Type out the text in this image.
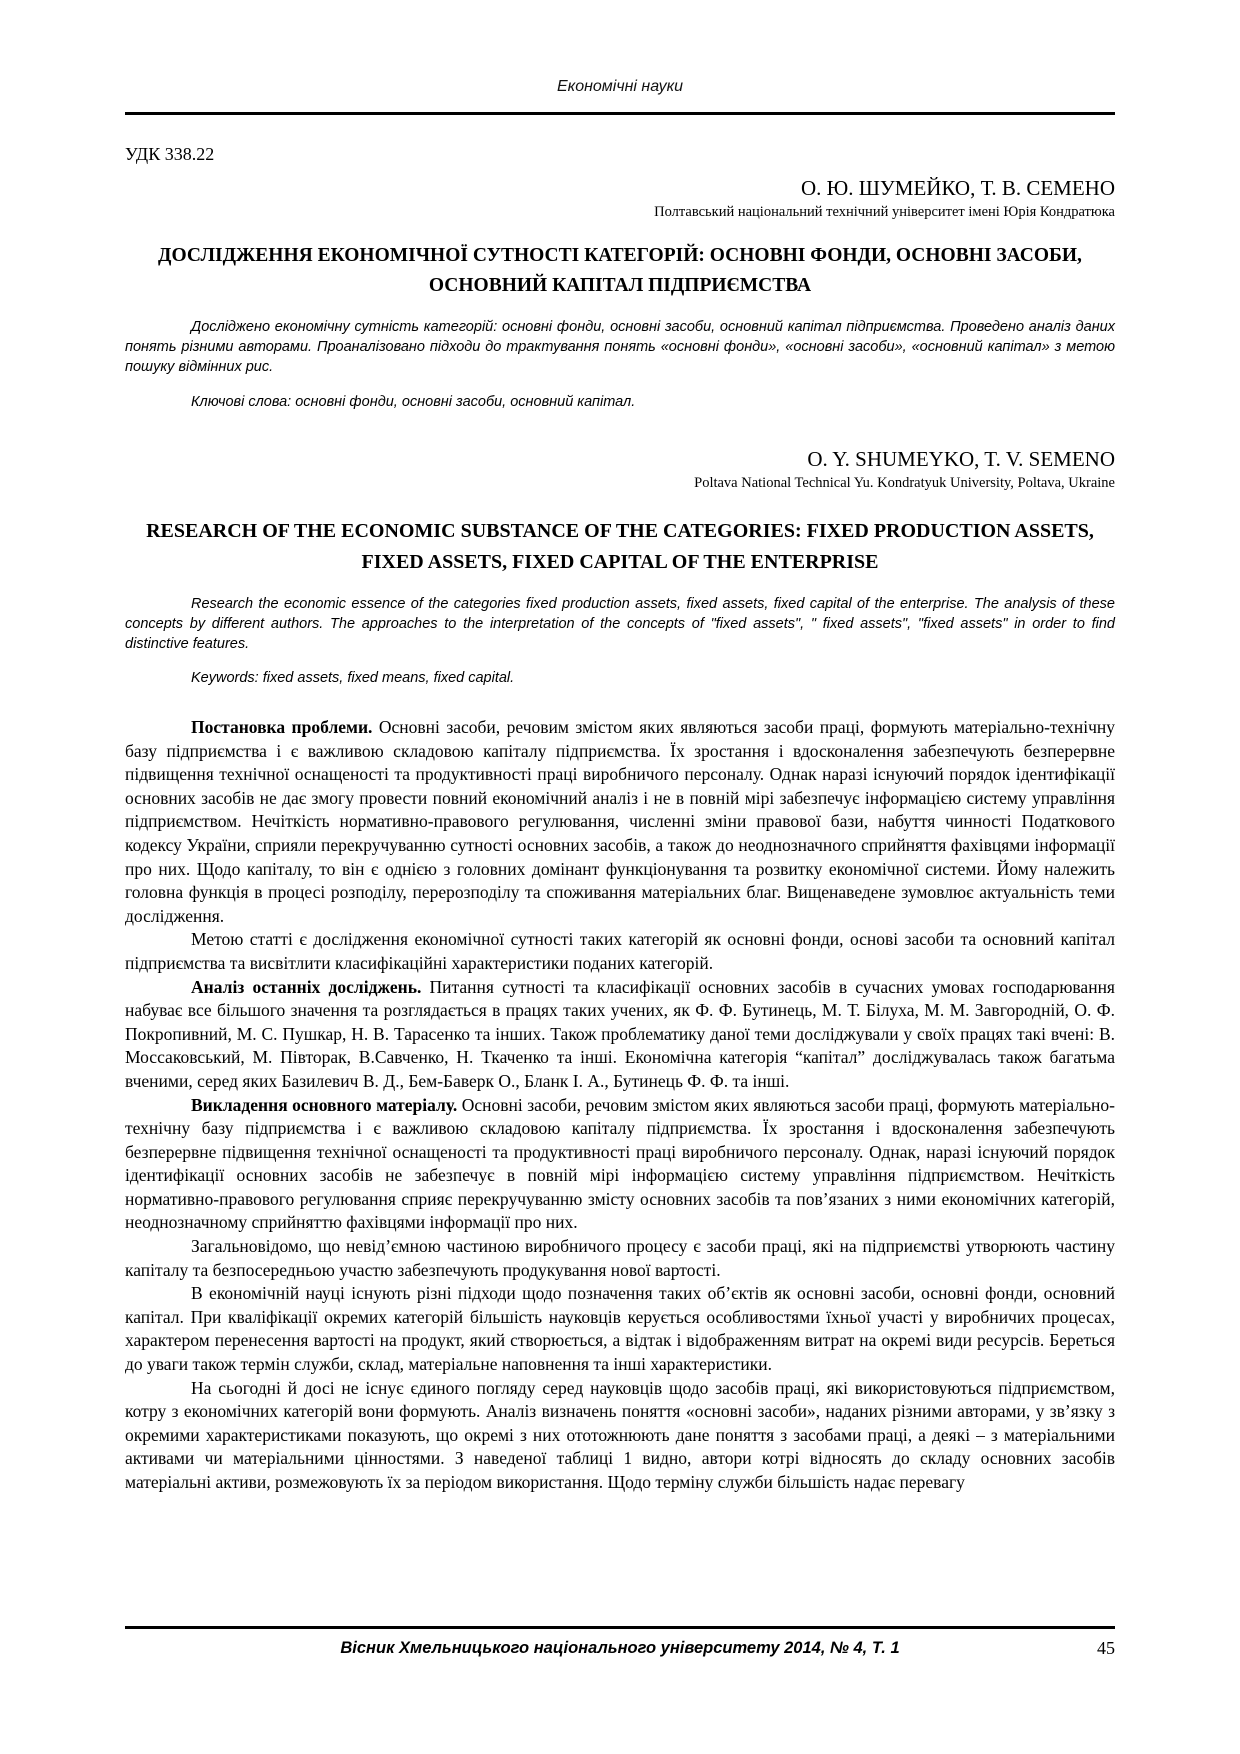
Економічні науки
УДК 338.22
О. Ю. ШУМЕЙКО, Т. В. СЕМЕНО
Полтавський національний технічний університет імені Юрія Кондратюка
ДОСЛІДЖЕННЯ ЕКОНОМІЧНОЇ СУТНОСТІ КАТЕГОРІЙ: ОСНОВНІ ФОНДИ, ОСНОВНІ ЗАСОБИ, ОСНОВНИЙ КАПІТАЛ ПІДПРИЄМСТВА

Досліджено економічну сутність категорій: основні фонди, основні засоби, основний капітал підприємства. Проведено аналіз даних понять різними авторами. Проаналізовано підходи до трактування понять «основні фонди», «основні засоби», «основний капітал» з метою пошуку відмінних рис.

Ключові слова: основні фонди, основні засоби, основний капітал.

O. Y. SHUMEYKO, T. V. SEMENO
Poltava National Technical Yu. Kondratyuk University, Poltava, Ukraine
RESEARCH OF THE ECONOMIC SUBSTANCE OF THE CATEGORIES: FIXED PRODUCTION ASSETS, FIXED ASSETS, FIXED CAPITAL OF THE ENTERPRISE

Research the economic essence of the categories fixed production assets, fixed assets, fixed capital of the enterprise. The analysis of these concepts by different authors. The approaches to the interpretation of the concepts of "fixed assets", " fixed assets", "fixed assets" in order to find distinctive features.

Keywords: fixed assets, fixed means, fixed capital.

Постановка проблеми. Основні засоби, речовим змістом яких являються засоби праці, формують матеріально-технічну базу підприємства і є важливою складовою капіталу підприємства. Їх зростання і вдосконалення забезпечують безперервне підвищення технічної оснащеності та продуктивності праці виробничого персоналу. Однак наразі існуючий порядок ідентифікації основних засобів не дає змогу провести повний економічний аналіз і не в повній мірі забезпечує інформацією систему управління підприємством. Нечіткість нормативно-правового регулювання, численні зміни правової бази, набуття чинності Податкового кодексу України, сприяли перекручуванню сутності основних засобів, а також до неоднозначного сприйняття фахівцями інформації про них. Щодо капіталу, то він є однією з головних домінант функціонування та розвитку економічної системи. Йому належить головна функція в процесі розподілу, перерозподілу та споживання матеріальних благ. Вищенаведене зумовлює актуальність теми дослідження.

Метою статті є дослідження економічної сутності таких категорій як основні фонди, основі засоби та основний капітал підприємства та висвітлити класифікаційні характеристики поданих категорій.

Аналіз останніх досліджень. Питання сутності та класифікації основних засобів в сучасних умовах господарювання набуває все більшого значення та розглядається в працях таких учених, як Ф. Ф. Бутинець, М. Т. Білуха, М. М. Завгородній, О. Ф. Покропивний, М. С. Пушкар, Н. В. Тарасенко та інших. Також проблематику даної теми досліджували у своїх працях такі вчені: В. Моссаковський, М. Півторак, В.Савченко, Н. Ткаченко та інші. Економічна категорія “капітал” досліджувалась також багатьма вченими, серед яких Базилевич В. Д., Бем-Баверк О., Бланк І. А., Бутинець Ф. Ф. та інші.

Викладення основного матеріалу. Основні засоби, речовим змістом яких являються засоби праці, формують матеріально-технічну базу підприємства і є важливою складовою капіталу підприємства. Їх зростання і вдосконалення забезпечують безперервне підвищення технічної оснащеності та продуктивності праці виробничого персоналу. Однак, наразі існуючий порядок ідентифікації основних засобів не забезпечує в повній мірі інформацією систему управління підприємством. Нечіткість нормативно-правового регулювання сприяє перекручуванню змісту основних засобів та пов’язаних з ними економічних категорій, неоднозначному сприйняттю фахівцями інформації про них.

Загальновідомо, що невід’ємною частиною виробничого процесу є засоби праці, які на підприємстві утворюють частину капіталу та безпосередньою участю забезпечують продукування нової вартості.

В економічній науці існують різні підходи щодо позначення таких об’єктів як основні засоби, основні фонди, основний капітал. При кваліфікації окремих категорій більшість науковців керується особливостями їхньої участі у виробничих процесах, характером перенесення вартості на продукт, який створюється, а відтак і відображенням витрат на окремі види ресурсів. Береться до уваги також термін служби, склад, матеріальне наповнення та інші характеристики.

На сьогодні й досі не існує єдиного погляду серед науковців щодо засобів праці, які використовуються підприємством, котру з економічних категорій вони формують. Аналіз визначень поняття «основні засоби», наданих різними авторами, у зв’язку з окремими характеристиками показують, що окремі з них ототожнюють дане поняття з засобами праці, а деякі – з матеріальними активами чи матеріальними цінностями. З наведеної таблиці 1 видно, автори котрі відносять до складу основних засобів матеріальні активи, розмежовують їх за періодом використання. Щодо терміну служби більшість надає перевагу

Вісник Хмельницького національного університету 2014, № 4, Т. 1	45
